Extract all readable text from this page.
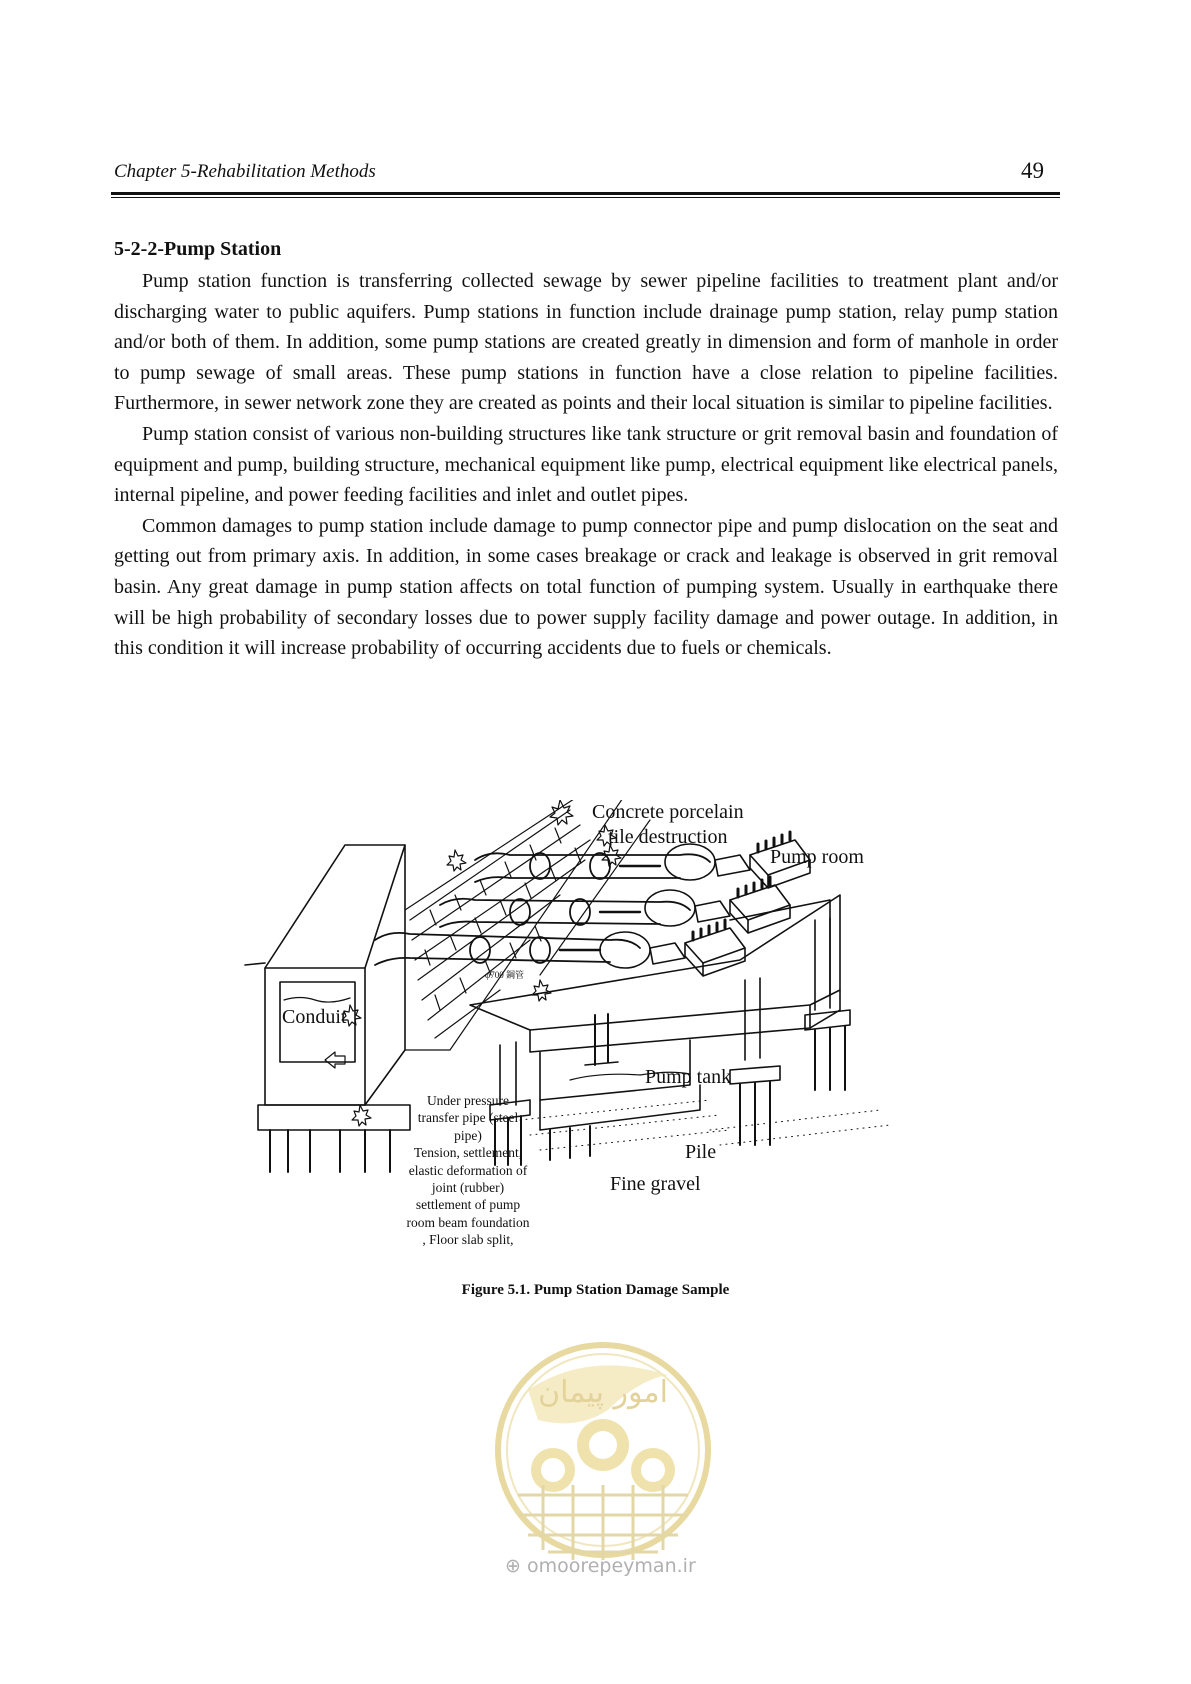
Chapter 5-Rehabilitation Methods	49
5-2-2-Pump Station

Pump station function is transferring collected sewage by sewer pipeline facilities to treatment plant and/or discharging water to public aquifers. Pump stations in function include drainage pump station, relay pump station and/or both of them. In addition, some pump stations are created greatly in dimension and form of manhole in order to pump sewage of small areas. These pump stations in function have a close relation to pipeline facilities. Furthermore, in sewer network zone they are created as points and their local situation is similar to pipeline facilities.

Pump station consist of various non-building structures like tank structure or grit removal basin and foundation of equipment and pump, building structure, mechanical equipment like pump, electrical equipment like electrical panels, internal pipeline, and power feeding facilities and inlet and outlet pipes.

Common damages to pump station include damage to pump connector pipe and pump dislocation on the seat and getting out from primary axis. In addition, in some cases breakage or crack and leakage is observed in grit removal basin. Any great damage in pump station affects on total function of pumping system. Usually in earthquake there will be high probability of secondary losses due to power supply facility damage and power outage. In addition, in this condition it will increase probability of occurring accidents due to fuels or chemicals.

Concrete porcelain
tile destruction
Pump room
Conduit
Pump tank
Pile
Fine gravel
φ700 鋼管
Under pressure
transfer pipe (steel
pipe)
Tension, settlement,
elastic deformation of
joint (rubber)
settlement of pump
room beam foundation
, Floor slab split,
Figure 5.1. Pump Station Damage Sample
امور پیمان
⊕ omoorepeyman.ir
